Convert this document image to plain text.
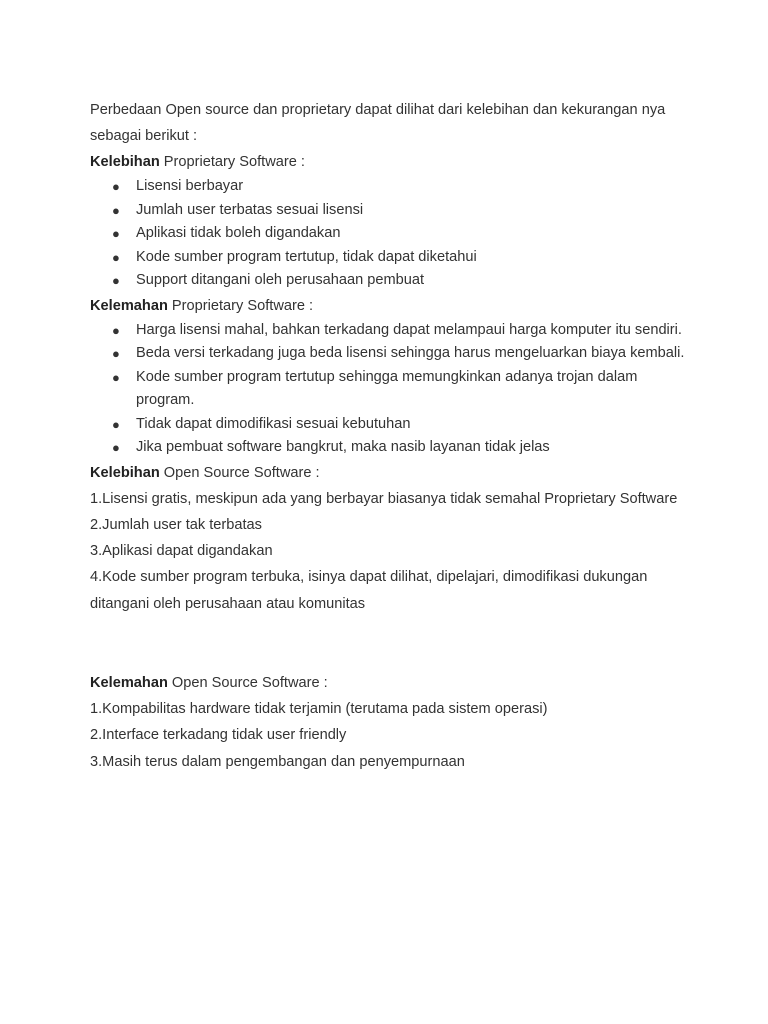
Perbedaan Open source dan proprietary dapat dilihat dari kelebihan dan kekurangan nya sebagai berikut :

Kelebihan Proprietary Software :

● Lisensi berbayar
● Jumlah user terbatas sesuai lisensi
● Aplikasi tidak boleh digandakan
● Kode sumber program tertutup, tidak dapat diketahui
● Support ditangani oleh perusahaan pembuat

Kelemahan Proprietary Software :

● Harga lisensi mahal, bahkan terkadang dapat melampaui harga komputer itu sendiri.
● Beda versi terkadang juga beda lisensi sehingga harus mengeluarkan biaya kembali.
● Kode sumber program tertutup sehingga memungkinkan adanya trojan dalam program.
● Tidak dapat dimodifikasi sesuai kebutuhan
● Jika pembuat software bangkrut, maka nasib layanan tidak jelas

Kelebihan Open Source Software :

1.Lisensi gratis, meskipun ada yang berbayar biasanya tidak semahal Proprietary Software

2.Jumlah user tak terbatas

3.Aplikasi dapat digandakan

4.Kode sumber program terbuka, isinya dapat dilihat, dipelajari, dimodifikasi dukungan ditangani oleh perusahaan atau komunitas

Kelemahan Open Source Software :

1.Kompabilitas hardware tidak terjamin (terutama pada sistem operasi)

2.Interface terkadang tidak user friendly

3.Masih terus dalam pengembangan dan penyempurnaan
